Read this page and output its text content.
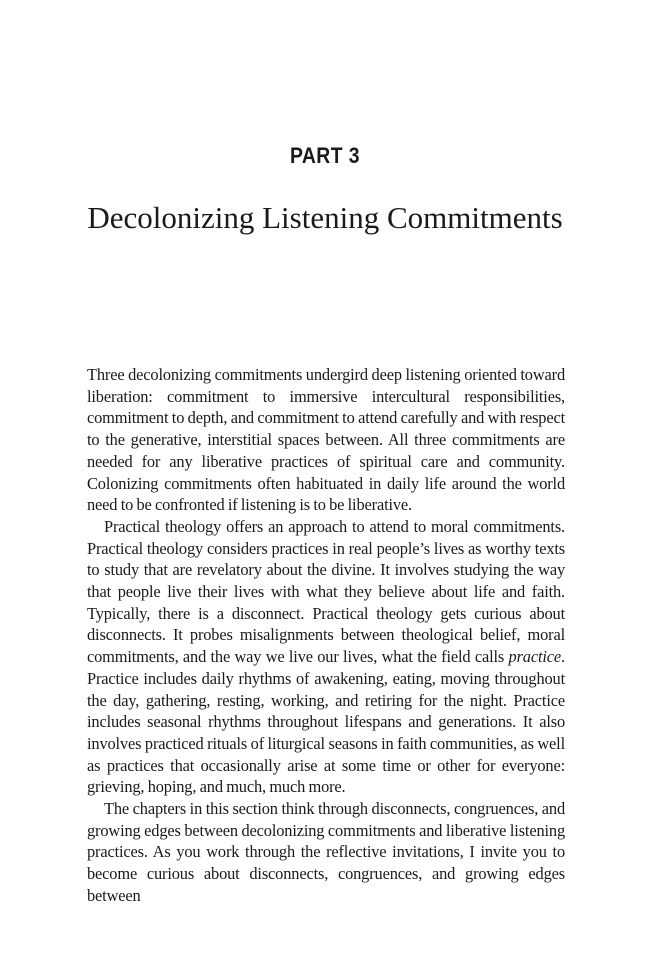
PART 3
Decolonizing Listening Commitments

Three decolonizing commitments undergird deep listening oriented toward liberation: commitment to immersive intercultural responsibilities, commitment to depth, and commitment to attend carefully and with respect to the generative, interstitial spaces between. All three commitments are needed for any liberative practices of spiritual care and community. Colonizing commitments often habituated in daily life around the world need to be confronted if listening is to be liberative.

Practical theology offers an approach to attend to moral commitments. Practical theology considers practices in real people’s lives as worthy texts to study that are revelatory about the divine. It involves studying the way that people live their lives with what they believe about life and faith. Typically, there is a disconnect. Practical theology gets curious about disconnects. It probes misalignments between theological belief, moral commitments, and the way we live our lives, what the field calls practice. Practice includes daily rhythms of awakening, eating, moving throughout the day, gathering, resting, working, and retiring for the night. Practice includes seasonal rhythms throughout lifespans and generations. It also involves practiced rituals of liturgical seasons in faith communities, as well as practices that occasionally arise at some time or other for everyone: grieving, hoping, and much, much more.

The chapters in this section think through disconnects, congruences, and growing edges between decolonizing commitments and liberative listening practices. As you work through the reflective invitations, I invite you to become curious about disconnects, congruences, and growing edges between
